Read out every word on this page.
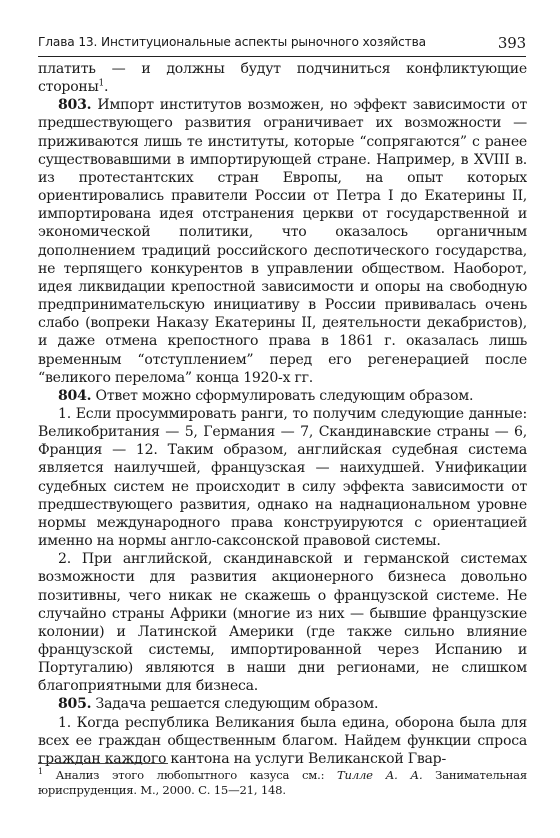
Глава 13. Институциональные аспекты рыночного хозяйства	393

платить — и должны будут подчиниться конфликтующие стороны$^1$.

803. Импорт институтов возможен, но эффект зависимости от предшествующего развития ограничивает их возможности — приживаются лишь те институты, которые “сопрягаются” с ранее существовавшими в импортирующей стране. Например, в XVIII в. из протестантских стран Европы, на опыт которых ориентировались правители России от Петра I до Екатерины II, импортирована идея отстранения церкви от государственной и экономической политики, что оказалось органичным дополнением традиций российского деспотического государства, не терпящего конкурентов в управлении обществом. Наоборот, идея ликвидации крепостной зависимости и опоры на свободную предпринимательскую инициативу в России прививалась очень слабо (вопреки Наказу Екатерины II, деятельности декабристов), и даже отмена крепостного права в 1861 г. оказалась лишь временным “отступлением” перед его регенерацией после “великого перелома” конца 1920-х гг.

804. Ответ можно сформулировать следующим образом.

1. Если просуммировать ранги, то получим следующие данные: Великобритания — 5, Германия — 7, Скандинавские страны — 6, Франция — 12. Таким образом, английская судебная система является наилучшей, французская — наихудшей. Унификации судебных систем не происходит в силу эффекта зависимости от предшествующего развития, однако на наднациональном уровне нормы международного права конструируются с ориентацией именно на нормы англо-саксонской правовой системы.

2. При английской, скандинавской и германской системах возможности для развития акционерного бизнеса довольно позитивны, чего никак не скажешь о французской системе. Не случайно страны Африки (многие из них — бывшие французские колонии) и Латинской Америки (где также сильно влияние французской системы, импортированной через Испанию и Португалию) являются в наши дни регионами, не слишком благоприятными для бизнеса.

805. Задача решается следующим образом.

1. Когда республика Великания была едина, оборона была для всех ее граждан общественным благом. Найдем функции спроса граждан каждого кантона на услуги Великанской Гвар-

$^1$ Анализ этого любопытного казуса см.: Тилле А. А. Занимательная юриспруденция. М., 2000. С. 15—21, 148.
